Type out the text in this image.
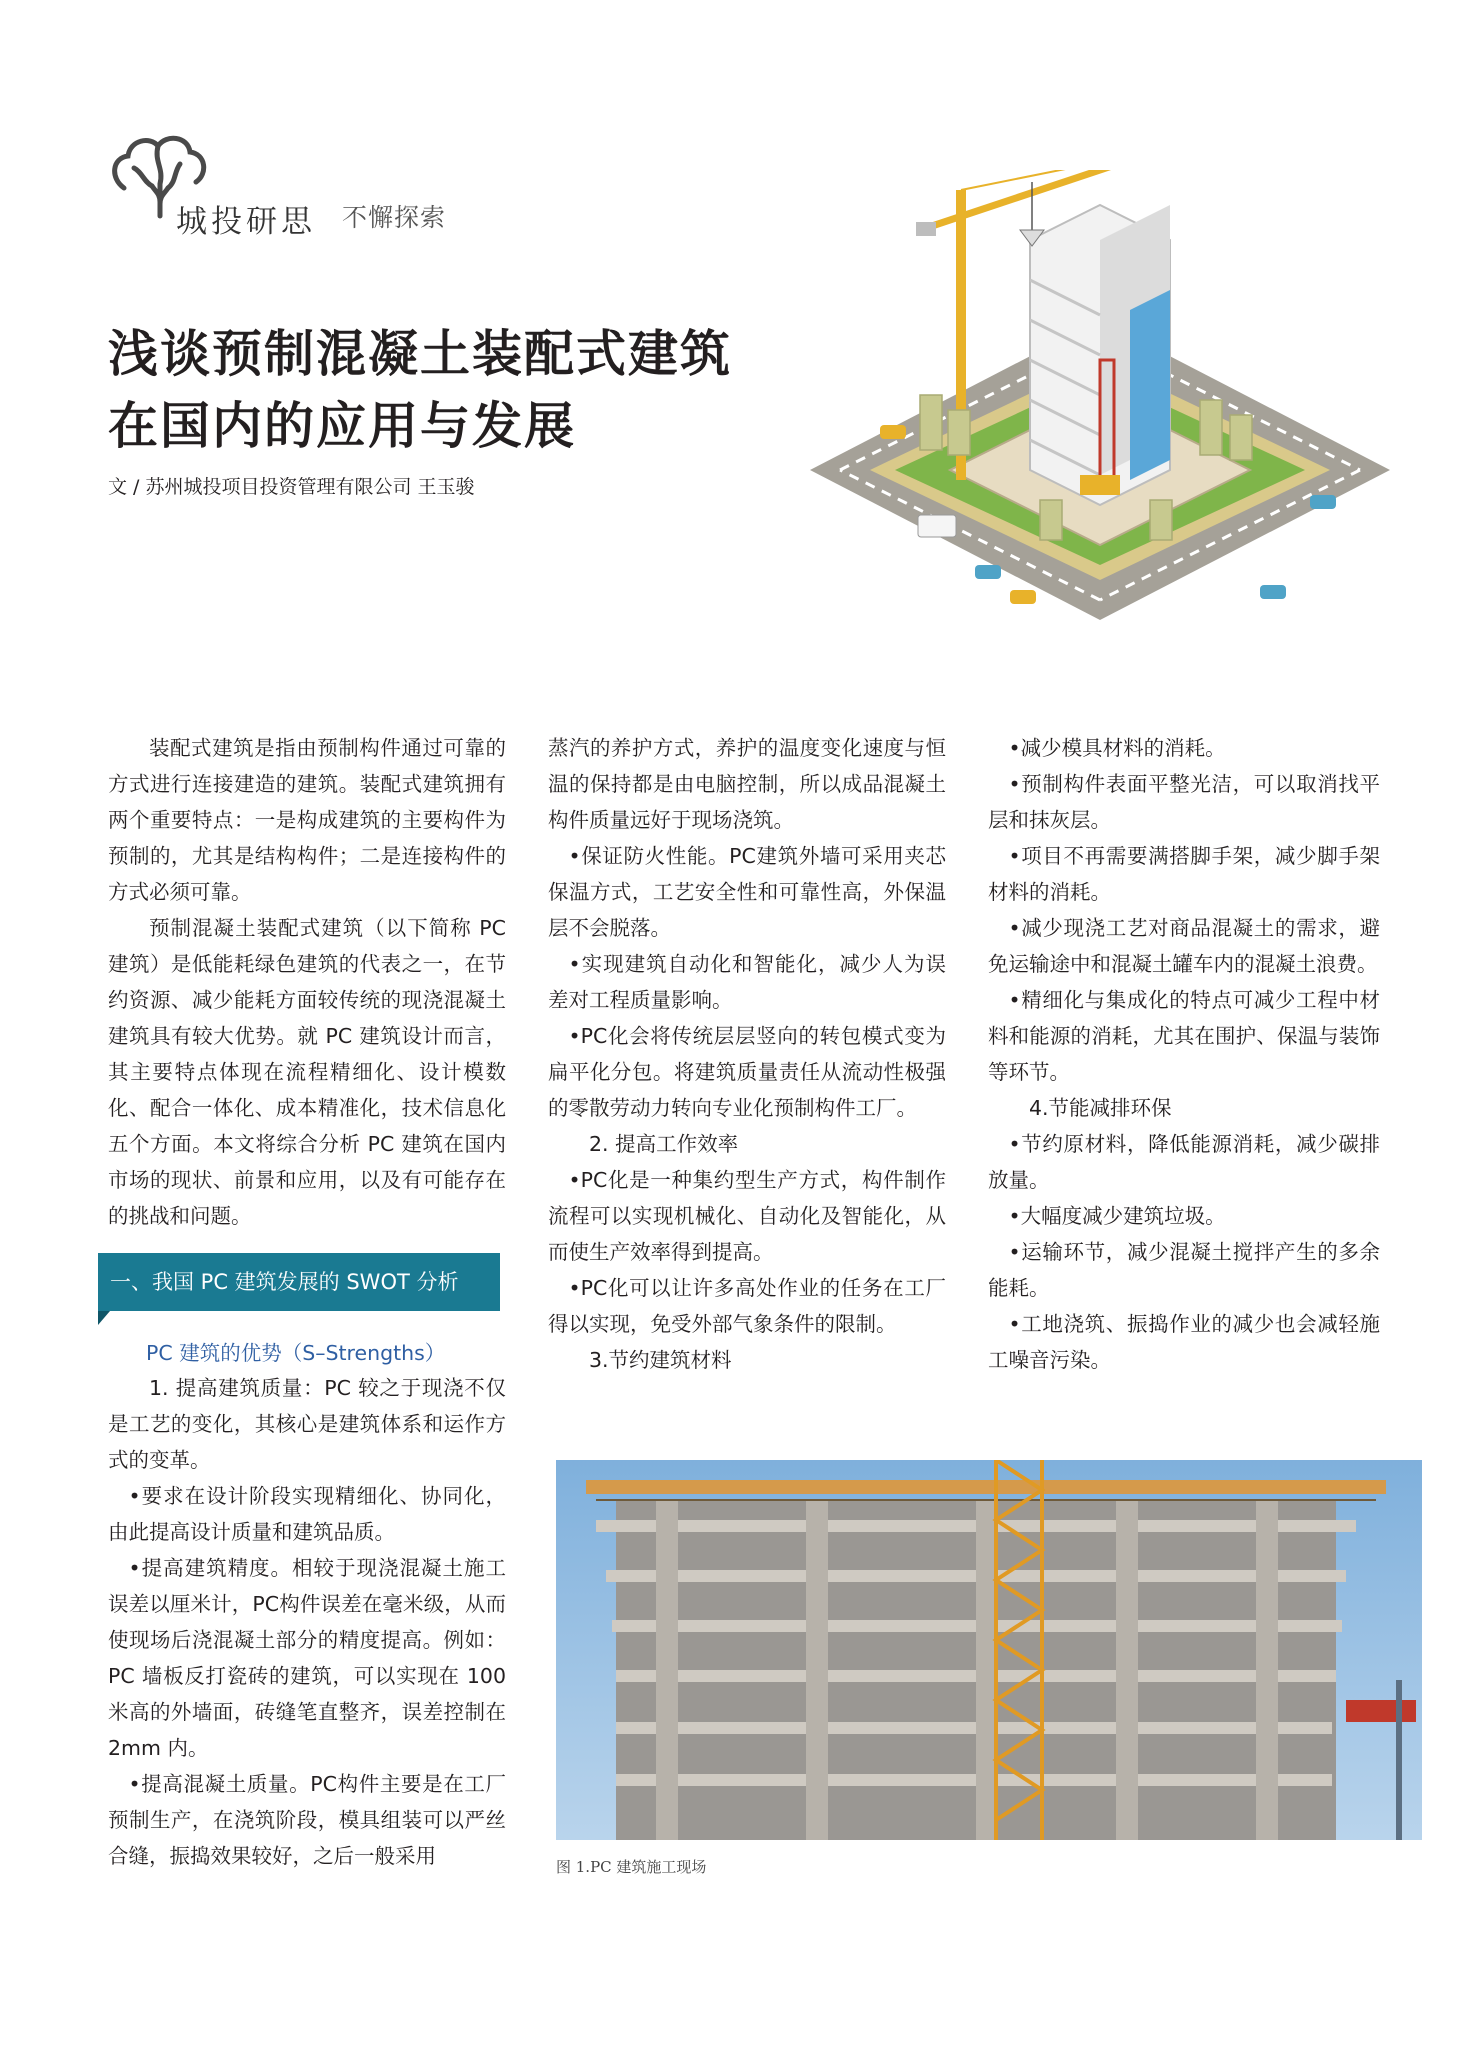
城投研思 不懈探索
浅谈预制混凝土装配式建筑
在国内的应用与发展
文 / 苏州城投项目投资管理有限公司 王玉骏

装配式建筑是指由预制构件通过可靠的方式进行连接建造的建筑。装配式建筑拥有两个重要特点：一是构成建筑的主要构件为预制的，尤其是结构构件；二是连接构件的方式必须可靠。

预制混凝土装配式建筑（以下简称 PC 建筑）是低能耗绿色建筑的代表之一，在节约资源、减少能耗方面较传统的现浇混凝土建筑具有较大优势。就 PC 建筑设计而言，其主要特点体现在流程精细化、设计模数化、配合一体化、成本精准化，技术信息化五个方面。本文将综合分析 PC 建筑在国内市场的现状、前景和应用，以及有可能存在的挑战和问题。

一、我国 PC 建筑发展的 SWOT 分析
PC 建筑的优势（S–Strengths）

1. 提高建筑质量：PC 较之于现浇不仅是工艺的变化，其核心是建筑体系和运作方式的变革。

•要求在设计阶段实现精细化、协同化，由此提高设计质量和建筑品质。

•提高建筑精度。相较于现浇混凝土施工误差以厘米计，PC构件误差在毫米级，从而使现场后浇混凝土部分的精度提高。例如：PC 墙板反打瓷砖的建筑，可以实现在 100 米高的外墙面，砖缝笔直整齐，误差控制在 2mm 内。

•提高混凝土质量。PC构件主要是在工厂预制生产，在浇筑阶段，模具组装可以严丝合缝，振捣效果较好，之后一般采用

蒸汽的养护方式，养护的温度变化速度与恒温的保持都是由电脑控制，所以成品混凝土构件质量远好于现场浇筑。

•保证防火性能。PC建筑外墙可采用夹芯保温方式，工艺安全性和可靠性高，外保温层不会脱落。

•实现建筑自动化和智能化，减少人为误差对工程质量影响。

•PC化会将传统层层竖向的转包模式变为扁平化分包。将建筑质量责任从流动性极强的零散劳动力转向专业化预制构件工厂。

2. 提高工作效率

•PC化是一种集约型生产方式，构件制作流程可以实现机械化、自动化及智能化，从而使生产效率得到提高。

•PC化可以让许多高处作业的任务在工厂得以实现，免受外部气象条件的限制。

3.节约建筑材料

•减少模具材料的消耗。

•预制构件表面平整光洁，可以取消找平层和抹灰层。

•项目不再需要满搭脚手架，减少脚手架材料的消耗。

•减少现浇工艺对商品混凝土的需求，避免运输途中和混凝土罐车内的混凝土浪费。

•精细化与集成化的特点可减少工程中材料和能源的消耗，尤其在围护、保温与装饰等环节。

4.节能减排环保

•节约原材料，降低能源消耗，减少碳排放量。

•大幅度减少建筑垃圾。

•运输环节，减少混凝土搅拌产生的多余能耗。

•工地浇筑、振捣作业的减少也会减轻施工噪音污染。

图 1.PC 建筑施工现场
